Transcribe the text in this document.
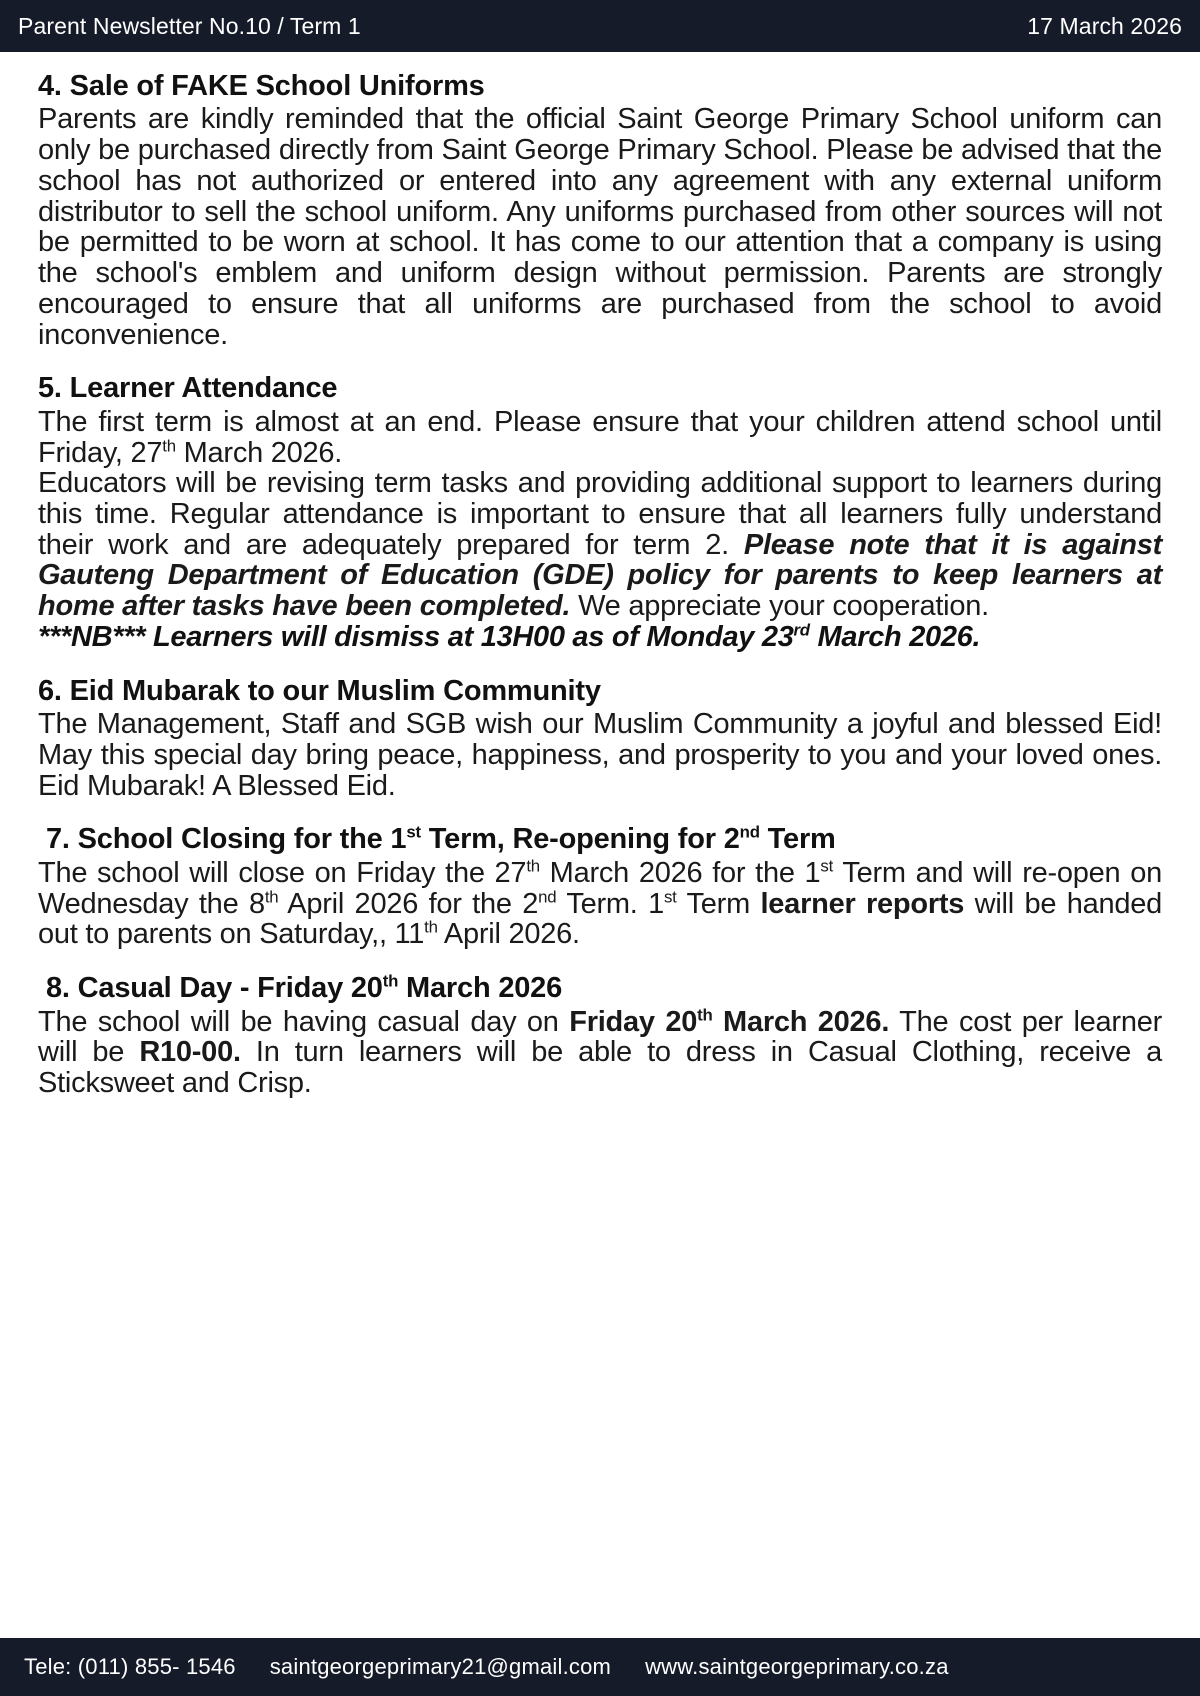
Parent Newsletter No.10 / Term 1	17 March 2026
4. Sale of FAKE School Uniforms

Parents are kindly reminded that the official Saint George Primary School uniform can only be purchased directly from Saint George Primary School. Please be advised that the school has not authorized or entered into any agreement with any external uniform distributor to sell the school uniform. Any uniforms purchased from other sources will not be permitted to be worn at school. It has come to our attention that a company is using the school's emblem and uniform design without permission. Parents are strongly encouraged to ensure that all uniforms are purchased from the school to avoid inconvenience.

5. Learner Attendance

The first term is almost at an end. Please ensure that your children attend school until Friday, 27th March 2026.

Educators will be revising term tasks and providing additional support to learners during this time. Regular attendance is important to ensure that all learners fully understand their work and are adequately prepared for term 2. Please note that it is against Gauteng Department of Education (GDE) policy for parents to keep learners at home after tasks have been completed. We appreciate your cooperation.

***NB*** Learners will dismiss at 13H00 as of Monday 23rd March 2026.

6. Eid Mubarak to our Muslim Community

The Management, Staff and SGB wish our Muslim Community a joyful and blessed Eid! May this special day bring peace, happiness, and prosperity to you and your loved ones. Eid Mubarak! A Blessed Eid.

7. School Closing for the 1st Term, Re-opening for 2nd Term

The school will close on Friday the 27th March 2026 for the 1st Term and will re-open on Wednesday the 8th April 2026 for the 2nd Term. 1st Term learner reports will be handed out to parents on Saturday,, 11th April 2026.

8. Casual Day - Friday 20th March 2026

The school will be having casual day on Friday 20th March 2026. The cost per learner will be R10-00. In turn learners will be able to dress in Casual Clothing, receive a Sticksweet and Crisp.

Tele: (011) 855- 1546 saintgeorgeprimary21@gmail.com www.saintgeorgeprimary.co.za
